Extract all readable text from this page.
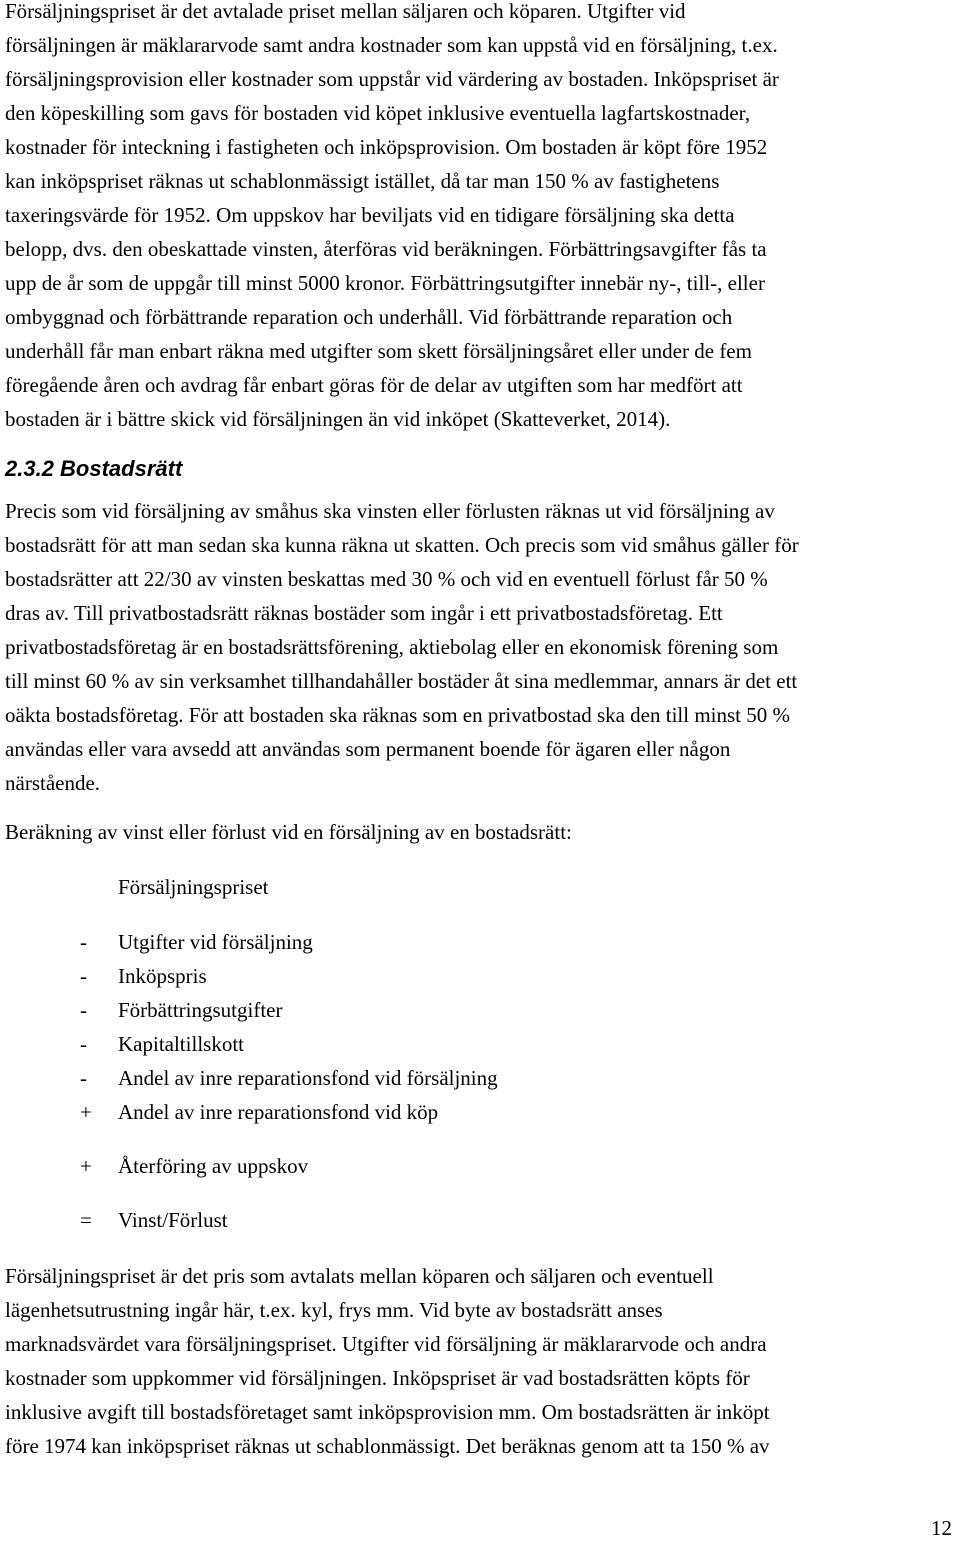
Försäljningspriset är det avtalade priset mellan säljaren och köparen. Utgifter vid
försäljningen är mäklararvode samt andra kostnader som kan uppstå vid en försäljning, t.ex.
försäljningsprovision eller kostnader som uppstår vid värdering av bostaden. Inköpspriset är
den köpeskilling som gavs för bostaden vid köpet inklusive eventuella lagfartskostnader,
kostnader för inteckning i fastigheten och inköpsprovision. Om bostaden är köpt före 1952
kan inköpspriset räknas ut schablonmässigt istället, då tar man 150 % av fastighetens
taxeringsvärde för 1952. Om uppskov har beviljats vid en tidigare försäljning ska detta
belopp, dvs. den obeskattade vinsten, återföras vid beräkningen. Förbättringsavgifter fås ta
upp de år som de uppgår till minst 5000 kronor. Förbättringsutgifter innebär ny-, till-, eller
ombyggnad och förbättrande reparation och underhåll. Vid förbättrande reparation och
underhåll får man enbart räkna med utgifter som skett försäljningsåret eller under de fem
föregående åren och avdrag får enbart göras för de delar av utgiften som har medfört att
bostaden är i bättre skick vid försäljningen än vid inköpet (Skatteverket, 2014).
2.3.2 Bostadsrätt
Precis som vid försäljning av småhus ska vinsten eller förlusten räknas ut vid försäljning av
bostadsrätt för att man sedan ska kunna räkna ut skatten. Och precis som vid småhus gäller för
bostadsrätter att 22/30 av vinsten beskattas med 30 % och vid en eventuell förlust får 50 %
dras av. Till privatbostadsrätt räknas bostäder som ingår i ett privatbostadsföretag. Ett
privatbostadsföretag är en bostadsrättsförening, aktiebolag eller en ekonomisk förening som
till minst 60 % av sin verksamhet tillhandahåller bostäder åt sina medlemmar, annars är det ett
oäkta bostadsföretag. För att bostaden ska räknas som en privatbostad ska den till minst 50 %
användas eller vara avsedd att användas som permanent boende för ägaren eller någon
närstående.
Beräkning av vinst eller förlust vid en försäljning av en bostadsrätt:
Försäljningspriset
-	Utgifter vid försäljning
-	Inköpspris
-	Förbättringsutgifter
-	Kapitaltillskott
-	Andel av inre reparationsfond vid försäljning
+	Andel av inre reparationsfond vid köp
+	Återföring av uppskov
=	Vinst/Förlust
Försäljningspriset är det pris som avtalats mellan köparen och säljaren och eventuell
lägenhetsutrustning ingår här, t.ex. kyl, frys mm. Vid byte av bostadsrätt anses
marknadsvärdet vara försäljningspriset. Utgifter vid försäljning är mäklararvode och andra
kostnader som uppkommer vid försäljningen. Inköpspriset är vad bostadsrätten köpts för
inklusive avgift till bostadsföretaget samt inköpsprovision mm. Om bostadsrätten är inköpt
före 1974 kan inköpspriset räknas ut schablonmässigt. Det beräknas genom att ta 150 % av
12
